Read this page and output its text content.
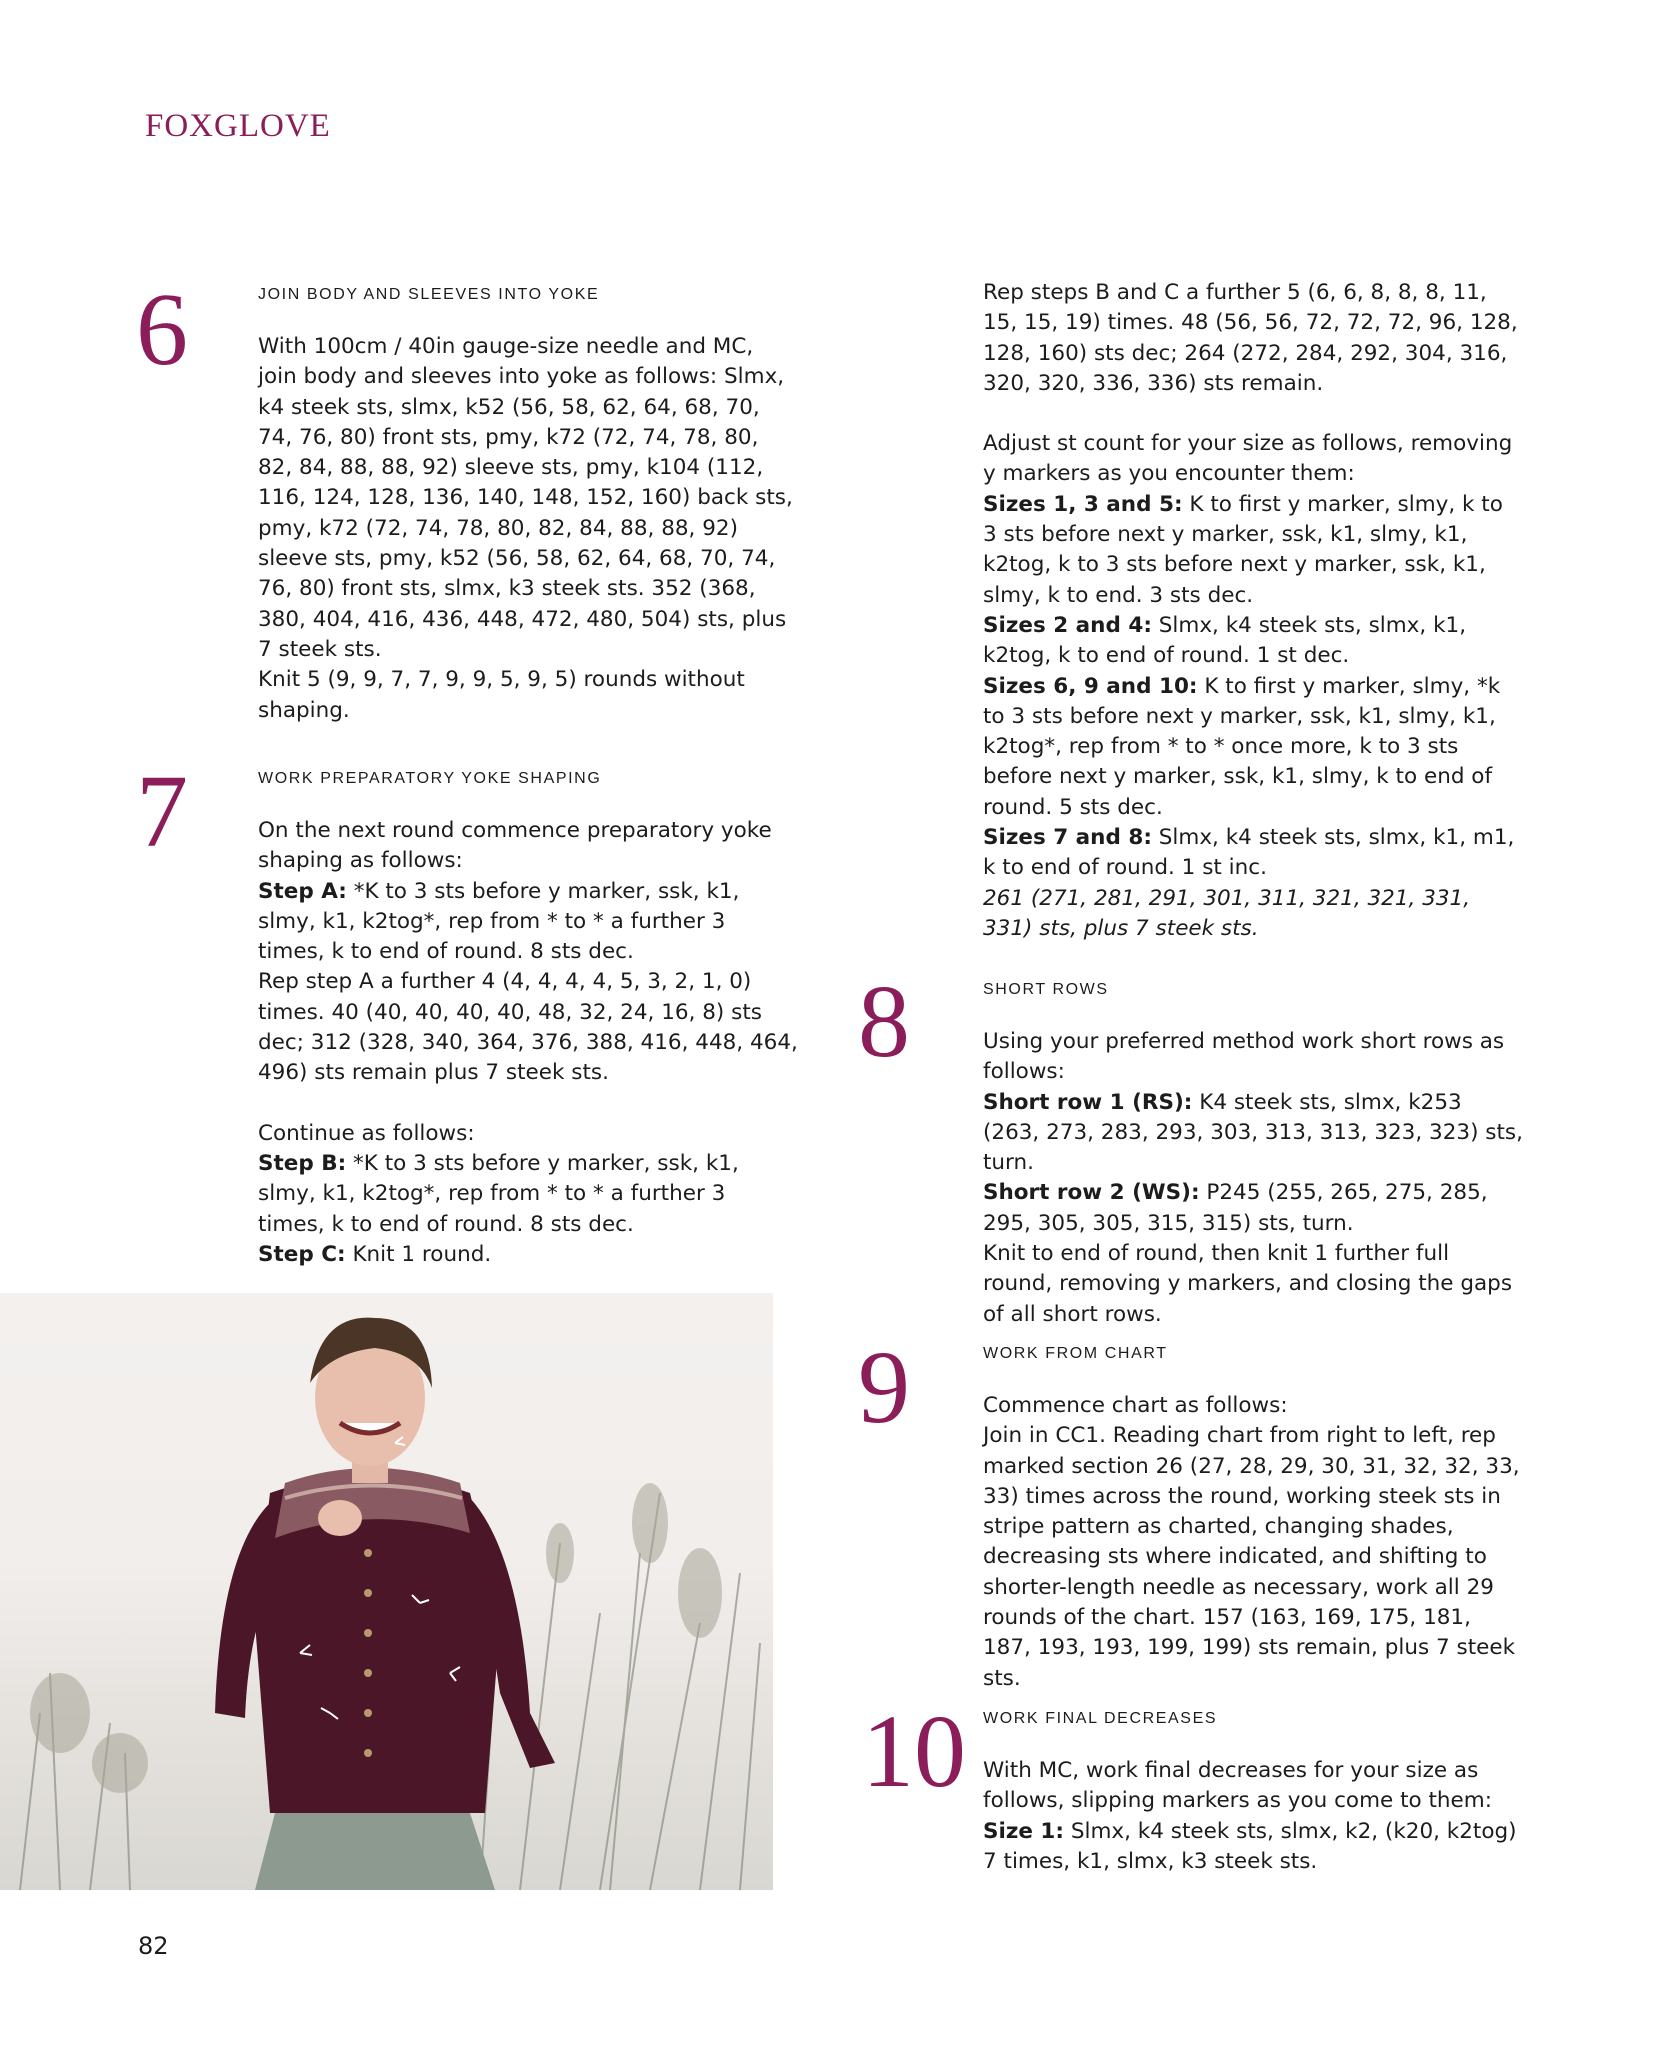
FOXGLOVE
6	JOIN BODY AND SLEEVES INTO YOKE

With 100cm / 40in gauge-size needle and MC, join body and sleeves into yoke as follows: Slmx, k4 steek sts, slmx, k52 (56, 58, 62, 64, 68, 70, 74, 76, 80) front sts, pmy, k72 (72, 74, 78, 80, 82, 84, 88, 88, 92) sleeve sts, pmy, k104 (112, 116, 124, 128, 136, 140, 148, 152, 160) back sts, pmy, k72 (72, 74, 78, 80, 82, 84, 88, 88, 92) sleeve sts, pmy, k52 (56, 58, 62, 64, 68, 70, 74, 76, 80) front sts, slmx, k3 steek sts. 352 (368, 380, 404, 416, 436, 448, 472, 480, 504) sts, plus 7 steek sts.

Knit 5 (9, 9, 7, 7, 9, 9, 5, 9, 5) rounds without shaping.

7	WORK PREPARATORY YOKE SHAPING

On the next round commence preparatory yoke shaping as follows:

Step A: *K to 3 sts before y marker, ssk, k1, slmy, k1, k2tog*, rep from * to * a further 3 times, k to end of round. 8 sts dec.

Rep step A a further 4 (4, 4, 4, 4, 5, 3, 2, 1, 0) times. 40 (40, 40, 40, 40, 48, 32, 24, 16, 8) sts dec; 312 (328, 340, 364, 376, 388, 416, 448, 464, 496) sts remain plus 7 steek sts.

Continue as follows:

Step B: *K to 3 sts before y marker, ssk, k1, slmy, k1, k2tog*, rep from * to * a further 3 times, k to end of round. 8 sts dec.

Step C: Knit 1 round.

Rep steps B and C a further 5 (6, 6, 8, 8, 8, 11, 15, 15, 19) times. 48 (56, 56, 72, 72, 72, 96, 128, 128, 160) sts dec; 264 (272, 284, 292, 304, 316, 320, 320, 336, 336) sts remain.

Adjust st count for your size as follows, removing y markers as you encounter them:

Sizes 1, 3 and 5: K to first y marker, slmy, k to 3 sts before next y marker, ssk, k1, slmy, k1, k2tog, k to 3 sts before next y marker, ssk, k1, slmy, k to end. 3 sts dec.

Sizes 2 and 4: Slmx, k4 steek sts, slmx, k1, k2tog, k to end of round. 1 st dec.

Sizes 6, 9 and 10: K to first y marker, slmy, *k to 3 sts before next y marker, ssk, k1, slmy, k1, k2tog*, rep from * to * once more, k to 3 sts before next y marker, ssk, k1, slmy, k to end of round. 5 sts dec.

Sizes 7 and 8: Slmx, k4 steek sts, slmx, k1, m1, k to end of round. 1 st inc.

261 (271, 281, 291, 301, 311, 321, 321, 331, 331) sts, plus 7 steek sts.

8	SHORT ROWS

Using your preferred method work short rows as follows:

Short row 1 (RS): K4 steek sts, slmx, k253 (263, 273, 283, 293, 303, 313, 313, 323, 323) sts, turn.

Short row 2 (WS): P245 (255, 265, 275, 285, 295, 305, 305, 315, 315) sts, turn.

Knit to end of round, then knit 1 further full round, removing y markers, and closing the gaps of all short rows.

9	WORK FROM CHART

Commence chart as follows:

Join in CC1. Reading chart from right to left, rep marked section 26 (27, 28, 29, 30, 31, 32, 32, 33, 33) times across the round, working steek sts in stripe pattern as charted, changing shades, decreasing sts where indicated, and shifting to shorter-length needle as necessary, work all 29 rounds of the chart. 157 (163, 169, 175, 181, 187, 193, 193, 199, 199) sts remain, plus 7 steek sts.

10 WORK FINAL DECREASES

With MC, work final decreases for your size as follows, slipping markers as you come to them:

Size 1: Slmx, k4 steek sts, slmx, k2, (k20, k2tog) 7 times, k1, slmx, k3 steek sts.

82
